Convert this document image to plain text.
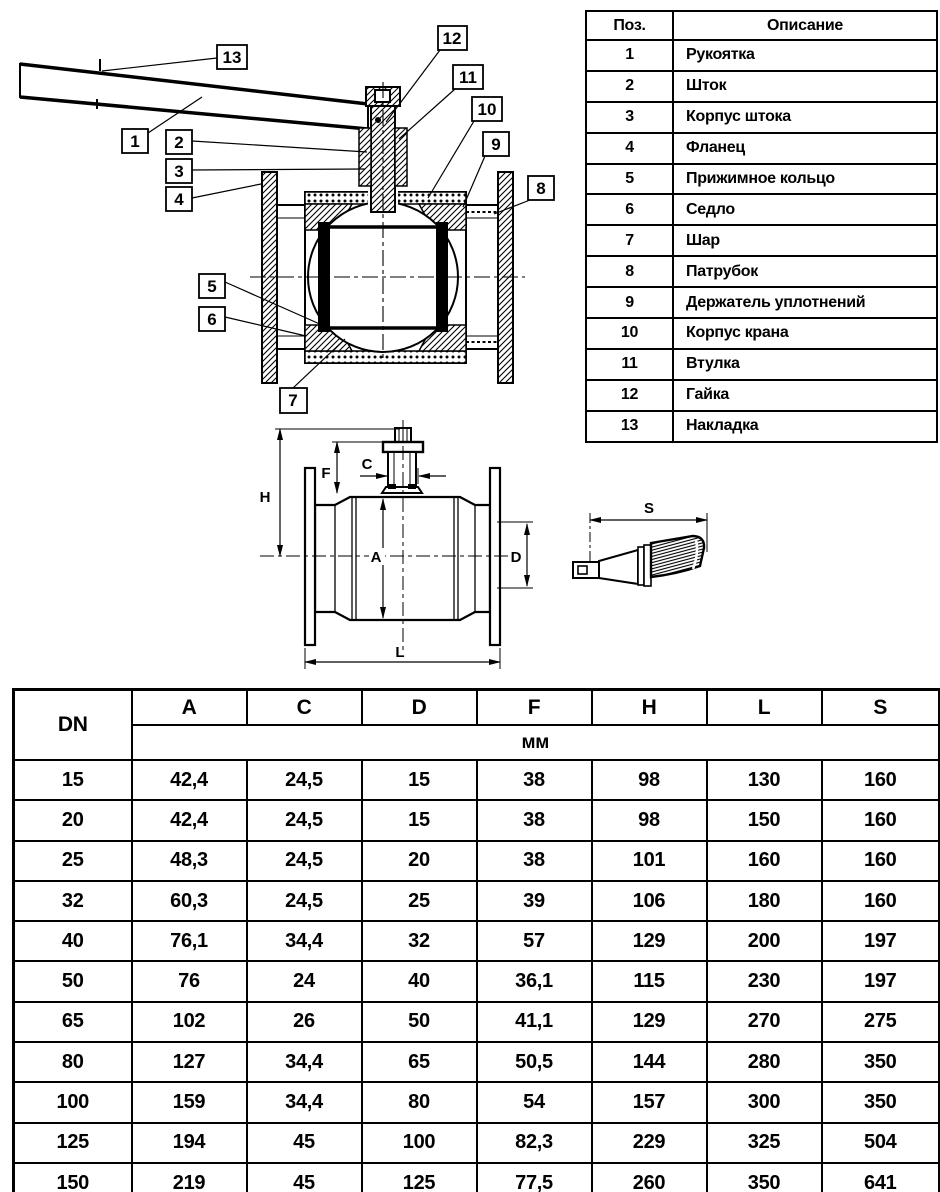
1 2
3
4
5
6
7
8
9
10
11
12
13
H
F
C
A	D
L
S
Поз.	Описание
1	Рукоятка
2	Шток
3	Корпус штока
4	Фланец
5	Прижимное кольцо
6	Седло
7	Шар
8	Патрубок
9	Держатель уплотнений
10	Корпус крана
11	Втулка
12	Гайка
13	Накладка
DN	A	C	D	F	H	L	S
	мм						
15	42,4	24,5	15	38	98	130	160
20	42,4	24,5	15	38	98	150	160
25	48,3	24,5	20	38	101	160	160
32	60,3	24,5	25	39	106	180	160
40	76,1	34,4	32	57	129	200	197
50	76	24	40	36,1	115	230	197
65	102	26	50	41,1	129	270	275
80	127	34,4	65	50,5	144	280	350
100	159	34,4	80	54	157	300	350
125	194	45	100	82,3	229	325	504
150	219	45	125	77,5	260	350	641
